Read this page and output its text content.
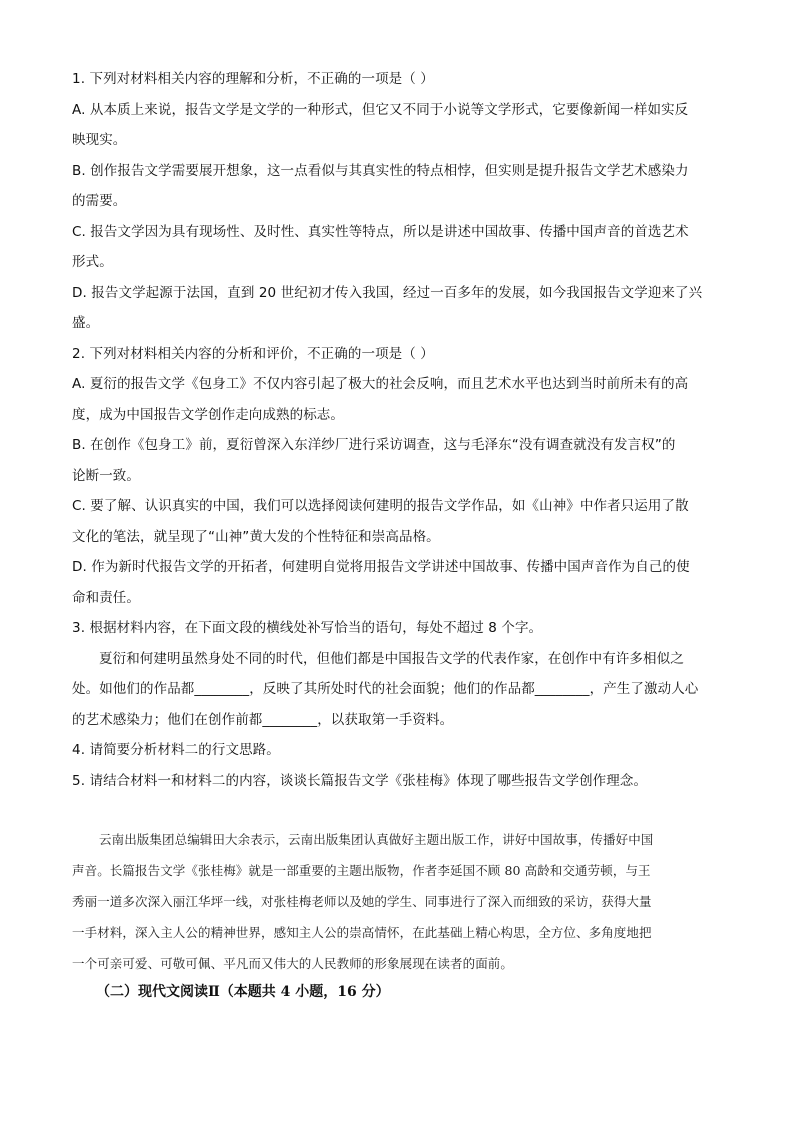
1. 下列对材料相关内容的理解和分析，不正确的一项是（ ）
A. 从本质上来说，报告文学是文学的一种形式，但它又不同于小说等文学形式，它要像新闻一样如实反
映现实。
B. 创作报告文学需要展开想象，这一点看似与其真实性的特点相悖，但实则是提升报告文学艺术感染力
的需要。
C. 报告文学因为具有现场性、及时性、真实性等特点，所以是讲述中国故事、传播中国声音的首选艺术
形式。
D. 报告文学起源于法国，直到 20 世纪初才传入我国，经过一百多年的发展，如今我国报告文学迎来了兴
盛。
2. 下列对材料相关内容的分析和评价，不正确的一项是（ ）
A. 夏衍的报告文学《包身工》不仅内容引起了极大的社会反响，而且艺术水平也达到当时前所未有的高
度，成为中国报告文学创作走向成熟的标志。
B. 在创作《包身工》前，夏衍曾深入东洋纱厂进行采访调查，这与毛泽东“没有调查就没有发言权”的
论断一致。
C. 要了解、认识真实的中国，我们可以选择阅读何建明的报告文学作品，如《山神》中作者只运用了散
文化的笔法，就呈现了“山神”黄大发的个性特征和崇高品格。
D. 作为新时代报告文学的开拓者，何建明自觉将用报告文学讲述中国故事、传播中国声音作为自己的使
命和责任。
3. 根据材料内容，在下面文段的横线处补写恰当的语句，每处不超过 8 个字。
夏衍和何建明虽然身处不同的时代，但他们都是中国报告文学的代表作家，在创作中有许多相似之
处。如他们的作品都________，反映了其所处时代的社会面貌；他们的作品都________，产生了激动人心
的艺术感染力；他们在创作前都________，以获取第一手资料。
4. 请简要分析材料二的行文思路。
5. 请结合材料一和材料二的内容，谈谈长篇报告文学《张桂梅》体现了哪些报告文学创作理念。
云南出版集团总编辑田大余表示，云南出版集团认真做好主题出版工作，讲好中国故事，传播好中国
声音。长篇报告文学《张桂梅》就是一部重要的主题出版物，作者李延国不顾 80 高龄和交通劳顿，与王
秀丽一道多次深入丽江华坪一线，对张桂梅老师以及她的学生、同事进行了深入而细致的采访，获得大量
一手材料，深入主人公的精神世界，感知主人公的崇高情怀，在此基础上精心构思，全方位、多角度地把
一个可亲可爱、可敬可佩、平凡而又伟大的人民教师的形象展现在读者的面前。
（二）现代文阅读Ⅱ（本题共 4 小题，16 分）
